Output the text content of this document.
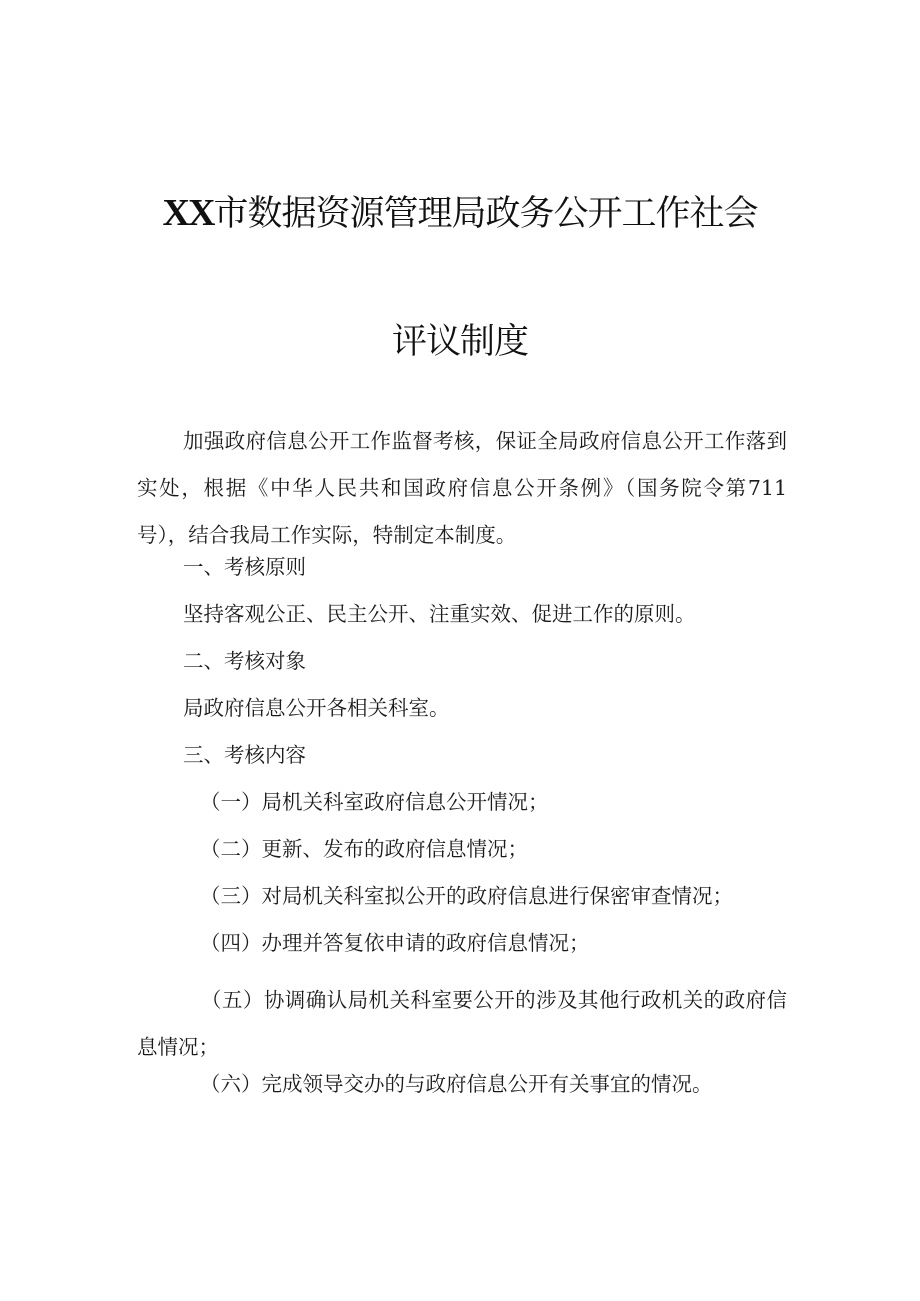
XX市数据资源管理局政务公开工作社会
评议制度

加强政府信息公开工作监督考核，保证全局政府信息公开工作落到实处，根据《中华人民共和国政府信息公开条例》（国务院令第711号），结合我局工作实际，特制定本制度。

一、考核原则

坚持客观公正、民主公开、注重实效、促进工作的原则。

二、考核对象

局政府信息公开各相关科室。

三、考核内容

（一）局机关科室政府信息公开情况；

（二）更新、发布的政府信息情况；

（三）对局机关科室拟公开的政府信息进行保密审查情况；

（四）办理并答复依申请的政府信息情况；

（五）协调确认局机关科室要公开的涉及其他行政机关的政府信息情况；

（六）完成领导交办的与政府信息公开有关事宜的情况。
